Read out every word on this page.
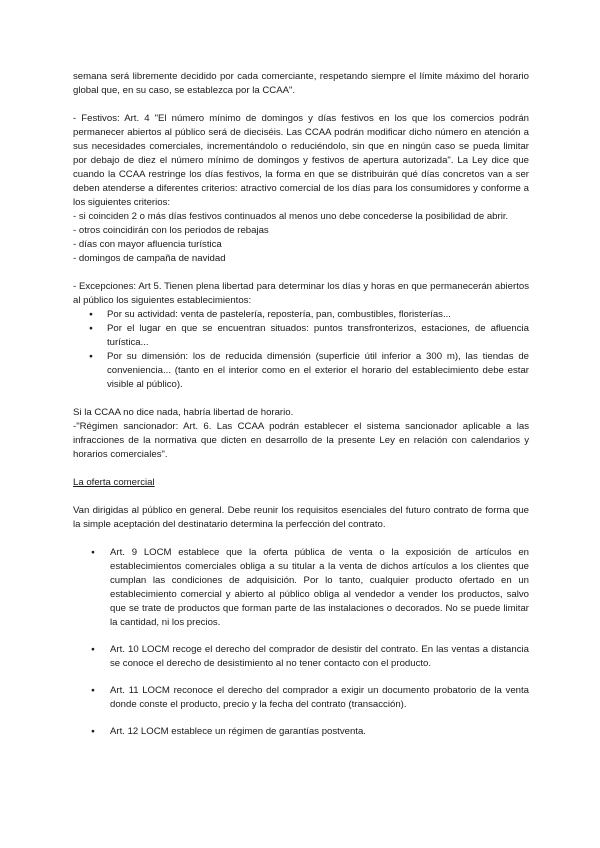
semana será libremente decidido por cada comerciante, respetando siempre el límite máximo del horario global que, en su caso, se establezca por la CCAA".

- Festivos: Art. 4 "El número mínimo de domingos y días festivos en los que los comercios podrán permanecer abiertos al público será de dieciséis. Las CCAA podrán modificar dicho número en atención a sus necesidades comerciales, incrementándolo o reduciéndolo, sin que en ningún caso se pueda limitar por debajo de diez el número mínimo de domingos y festivos de apertura autorizada". La Ley dice que cuando la CCAA restringe los días festivos, la forma en que se distribuirán qué días concretos van a ser deben atenderse a diferentes criterios: atractivo comercial de los días para los consumidores y conforme a los siguientes criterios:

- si coinciden 2 o más días festivos continuados al menos uno debe concederse la posibilidad de abrir.
- otros coincidirán con los periodos de rebajas
- días con mayor afluencia turística
- domingos de campaña de navidad

- Excepciones: Art 5. Tienen plena libertad para determinar los días y horas en que permanecerán abiertos al público los siguientes establecimientos:

● Por su actividad: venta de pastelería, repostería, pan, combustibles, floristerías...
● Por el lugar en que se encuentran situados: puntos transfronterizos, estaciones, de afluencia turística...
● Por su dimensión: los de reducida dimensión (superficie útil inferior a 300 m), las tiendas de conveniencia... (tanto en el interior como en el exterior el horario del establecimiento debe estar visible al público).

Si la CCAA no dice nada, habría libertad de horario.

-"Régimen sancionador: Art. 6. Las CCAA podrán establecer el sistema sancionador aplicable a las infracciones de la normativa que dicten en desarrollo de la presente Ley en relación con calendarios y horarios comerciales".

La oferta comercial

Van dirigidas al público en general. Debe reunir los requisitos esenciales del futuro contrato de forma que la simple aceptación del destinatario determina la perfección del contrato.

● Art. 9 LOCM establece que la oferta pública de venta o la exposición de artículos en establecimientos comerciales obliga a su titular a la venta de dichos artículos a los clientes que cumplan las condiciones de adquisición. Por lo tanto, cualquier producto ofertado en un establecimiento comercial y abierto al público obliga al vendedor a vender los productos, salvo que se trate de productos que forman parte de las instalaciones o decorados. No se puede limitar la cantidad, ni los precios.
● Art. 10 LOCM recoge el derecho del comprador de desistir del contrato. En las ventas a distancia se conoce el derecho de desistimiento al no tener contacto con el producto.
● Art. 11 LOCM reconoce el derecho del comprador a exigir un documento probatorio de la venta donde conste el producto, precio y la fecha del contrato (transacción).
● Art. 12 LOCM establece un régimen de garantías postventa.
